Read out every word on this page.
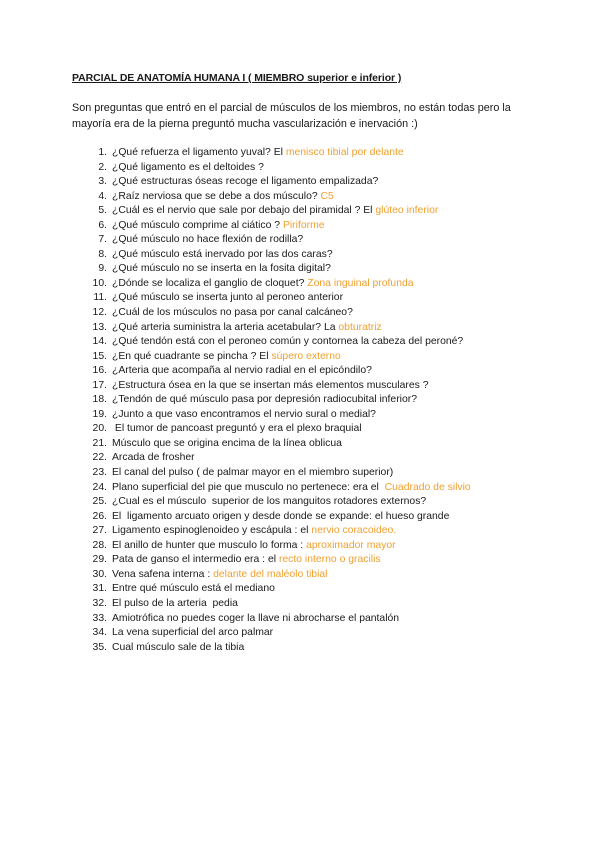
PARCIAL DE ANATOMÍA HUMANA I ( MIEMBRO superior e inferior )
Son preguntas que entró en el parcial de músculos de los miembros, no están todas pero la mayoría era de la pierna preguntó mucha vascularización e inervación :)
1. ¿Qué refuerza el ligamento yuval? El menisco tibial por delante
2. ¿Qué ligamento es el deltoides ?
3. ¿Qué estructuras óseas recoge el ligamento empalizada?
4. ¿Raíz nerviosa que se debe a dos músculo? C5
5. ¿Cuál es el nervio que sale por debajo del piramidal ? El glúteo inferior
6. ¿Qué músculo comprime al ciático ? Piriforme
7. ¿Qué músculo no hace flexión de rodilla?
8. ¿Qué músculo está inervado por las dos caras?
9. ¿Qué músculo no se inserta en la fosita digital?
10. ¿Dónde se localiza el ganglio de cloquet? Zona inguinal profunda
11. ¿Qué músculo se inserta junto al peroneo anterior
12. ¿Cuál de los músculos no pasa por canal calcáneo?
13. ¿Qué arteria suministra la arteria acetabular? La obturatriz
14. ¿Qué tendón está con el peroneo común y contornea la cabeza del peroné?
15. ¿En qué cuadrante se pincha ? El súpero externo
16. ¿Arteria que acompaña al nervio radial en el epicóndilo?
17. ¿Estructura ósea en la que se insertan más elementos musculares ?
18. ¿Tendón de qué músculo pasa por depresión radiocubital inferior?
19. ¿Junto a que vaso encontramos el nervio sural o medial?
20. El tumor de pancoast preguntó y era el plexo braquial
21. Músculo que se origina encima de la línea oblicua
22. Arcada de frosher
23. El canal del pulso ( de palmar mayor en el miembro superior)
24. Plano superficial del pie que musculo no pertenece: era el  Cuadrado de silvio
25. ¿Cual es el músculo  superior de los manguitos rotadores externos?
26. El  ligamento arcuato origen y desde donde se expande: el hueso grande
27. Ligamento espinoglenoideo y escápula : el nervio coracoideo.
28. El anillo de hunter que musculo lo forma : aproximador mayor
29. Pata de ganso el intermedio era : el recto interno o gracilis
30. Vena safena interna : delante del maléolo tibial
31. Entre qué músculo está el mediano
32. El pulso de la arteria  pedia
33. Amiotrófica no puedes coger la llave ni abrocharse el pantalón
34. La vena superficial del arco palmar
35. Cual músculo sale de la tibia
